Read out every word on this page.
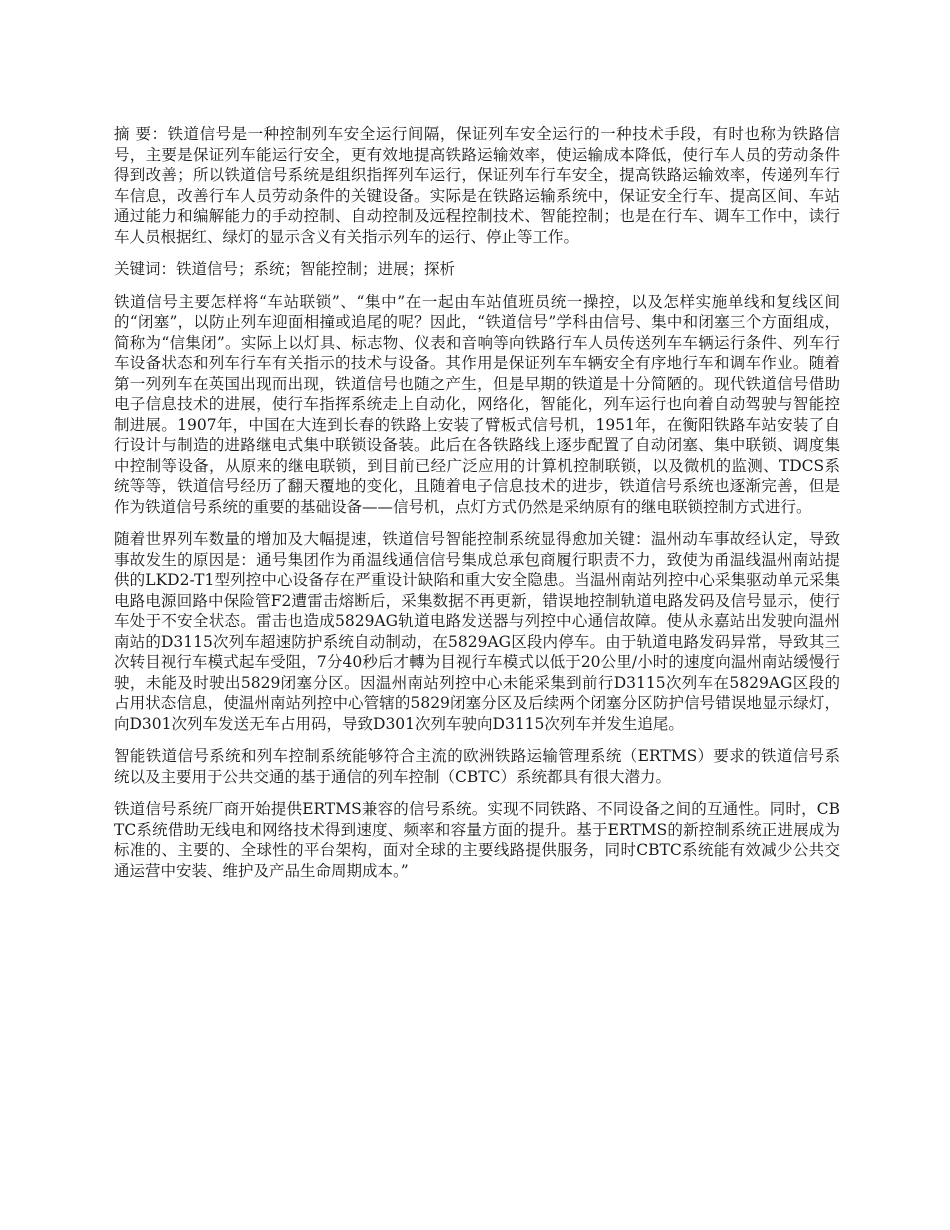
摘 要：铁道信号是一种控制列车安全运行间隔，保证列车安全运行的一种技术手段，有时也称为铁路信号，主要是保证列车能运行安全，更有效地提高铁路运输效率，使运输成本降低，使行车人员的劳动条件得到改善；所以铁道信号系统是组织指挥列车运行，保证列车行车安全，提高铁路运输效率，传递列车行车信息，改善行车人员劳动条件的关键设备。实际是在铁路运输系统中，保证安全行车、提高区间、车站通过能力和编解能力的手动控制、自动控制及远程控制技术、智能控制；也是在行车、调车工作中，读行车人员根据红、绿灯的显示含义有关指示列车的运行、停止等工作。

关键词：铁道信号；系统；智能控制；进展；探析

铁道信号主要怎样将“车站联锁”、“集中”在一起由车站值班员统一操控，以及怎样实施单线和复线区间的“闭塞”，以防止列车迎面相撞或追尾的呢？因此，“铁道信号”学科由信号、集中和闭塞三个方面组成，简称为“信集闭”。实际上以灯具、标志物、仪表和音响等向铁路行车人员传送列车车辆运行条件、列车行车设备状态和列车行车有关指示的技术与设备。其作用是保证列车车辆安全有序地行车和调车作业。随着第一列列车在英国出现而出现，铁道信号也随之产生，但是早期的铁道是十分简陋的。现代铁道信号借助电子信息技术的进展，使行车指挥系统走上自动化，网络化，智能化，列车运行也向着自动驾驶与智能控制进展。1907年，中国在大连到长春的铁路上安装了臂板式信号机，1951年，在衡阳铁路车站安装了自行设计与制造的进路继电式集中联锁设备装。此后在各铁路线上逐步配置了自动闭塞、集中联锁、调度集中控制等设备，从原来的继电联锁，到目前已经广泛应用的计算机控制联锁，以及微机的监测、TDCS系统等等，铁道信号经历了翻天覆地的变化，且随着电子信息技术的进步，铁道信号系统也逐渐完善，但是作为铁道信号系统的重要的基础设备——信号机，点灯方式仍然是采纳原有的继电联锁控制方式进行。

随着世界列车数量的增加及大幅提速，铁道信号智能控制系统显得愈加关键：温州动车事故经认定，导致事故发生的原因是：通号集团作为甬温线通信信号集成总承包商履行职责不力，致使为甬温线温州南站提供的LKD2-T1型列控中心设备存在严重设计缺陷和重大安全隐患。当温州南站列控中心采集驱动单元采集电路电源回路中保险管F2遭雷击熔断后，采集数据不再更新，错误地控制轨道电路发码及信号显示，使行车处于不安全状态。雷击也造成5829AG轨道电路发送器与列控中心通信故障。使从永嘉站出发驶向温州南站的D3115次列车超速防护系统自动制动，在5829AG区段内停车。由于轨道电路发码异常，导致其三次转目视行车模式起车受阻，7分40秒后才轉为目视行车模式以低于20公里/小时的速度向温州南站缓慢行驶，未能及时驶出5829闭塞分区。因温州南站列控中心未能采集到前行D3115次列车在5829AG区段的占用状态信息，使温州南站列控中心管辖的5829闭塞分区及后续两个闭塞分区防护信号错误地显示绿灯，向D301次列车发送无车占用码，导致D301次列车驶向D3115次列车并发生追尾。

智能铁道信号系统和列车控制系统能够符合主流的欧洲铁路运输管理系统（ERTMS）要求的铁道信号系统以及主要用于公共交通的基于通信的列车控制（CBTC）系统都具有很大潜力。

铁道信号系统厂商开始提供ERTMS兼容的信号系统。实现不同铁路、不同设备之间的互通性。同时，CBTC系统借助无线电和网络技术得到速度、频率和容量方面的提升。基于ERTMS的新控制系统正进展成为标准的、主要的、全球性的平台架构，面对全球的主要线路提供服务，同时CBTC系统能有效减少公共交通运营中安装、维护及产品生命周期成本。”
